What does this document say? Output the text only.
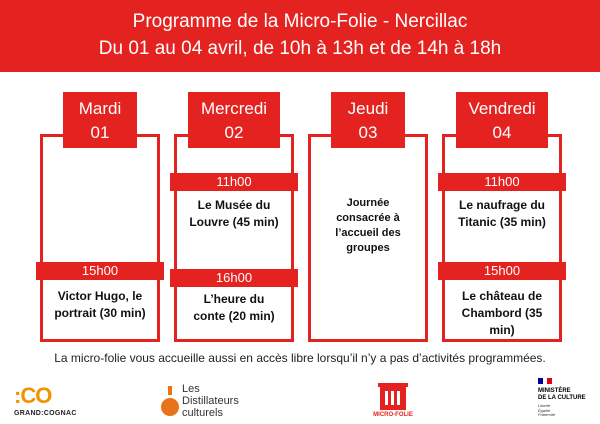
Programme de la Micro-Folie - Nercillac
Du 01 au 04 avril, de 10h à 13h et de 14h à 18h
Mardi
01
15h00
Victor Hugo, le portrait (30 min)
Mercredi
02
11h00
Le Musée du Louvre (45 min)
16h00
L’heure du conte (20 min)
Jeudi
03
Journée consacrée à l’accueil des groupes
Vendredi
04
11h00
Le naufrage du Titanic (35 min)
15h00
Le château de Chambord (35 min)
La micro-folie vous accueille aussi en accès libre lorsqu’il n’y a pas d’activités programmées.
:CO
GRAND:COGNAC
Les
Distillateurs
culturels	MICRO-FOLIE
MINISTÈRE
DE LA CULTURE
Liberté
Égalité
Fraternité
